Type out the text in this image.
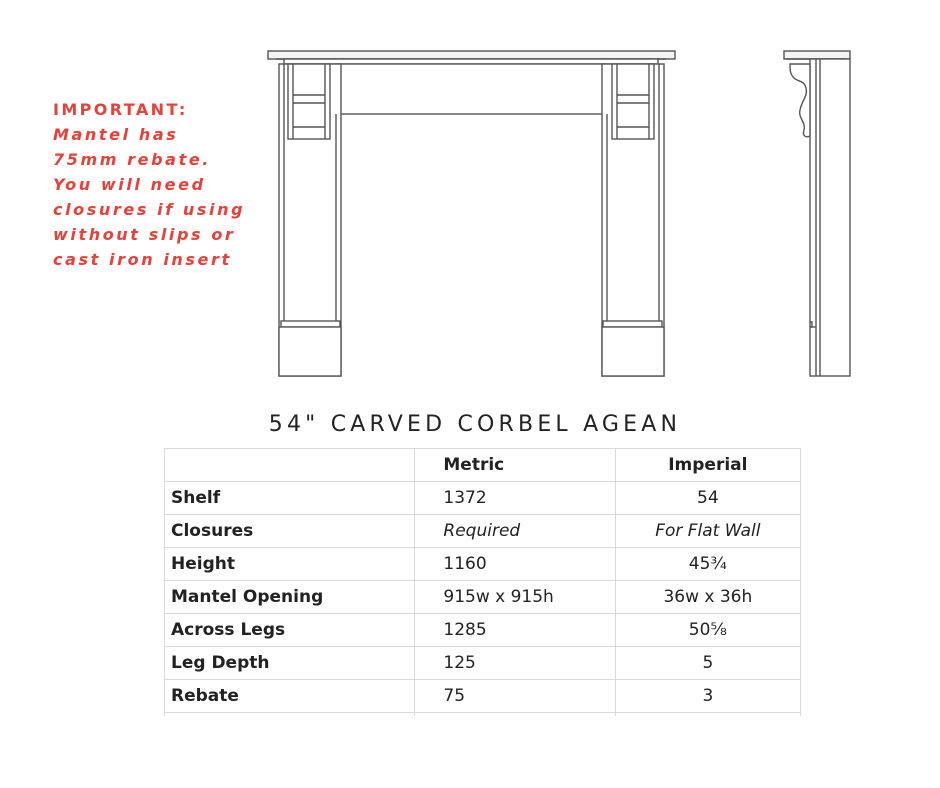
IMPORTANT:
Mantel has
75mm rebate.
You will need
closures if using
without slips or
cast iron insert
54" CARVED CORBEL AGEAN
	Metric	Imperial
Shelf	1372	54
Closures	Required	For Flat Wall
Height	1160	45¾
Mantel Opening	915w x 915h	36w x 36h
Across Legs	1285	50⅝
Leg Depth	125	5
Rebate	75	3
